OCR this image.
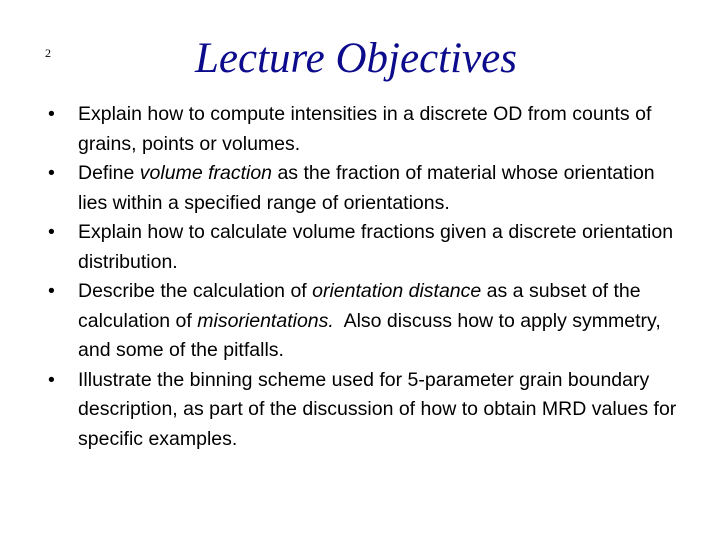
2	Lecture Objectives
•	Explain how to compute intensities in a discrete OD from counts of grains, points or volumes.
•	Define volume fraction as the fraction of material whose orientation lies within a specified range of orientations.
•	Explain how to calculate volume fractions given a discrete orientation distribution.
•	Describe the calculation of orientation distance as a subset of the calculation of misorientations.  Also discuss how to apply symmetry, and some of the pitfalls.
•	Illustrate the binning scheme used for 5-parameter grain boundary description, as part of the discussion of how to obtain MRD values for specific examples.
